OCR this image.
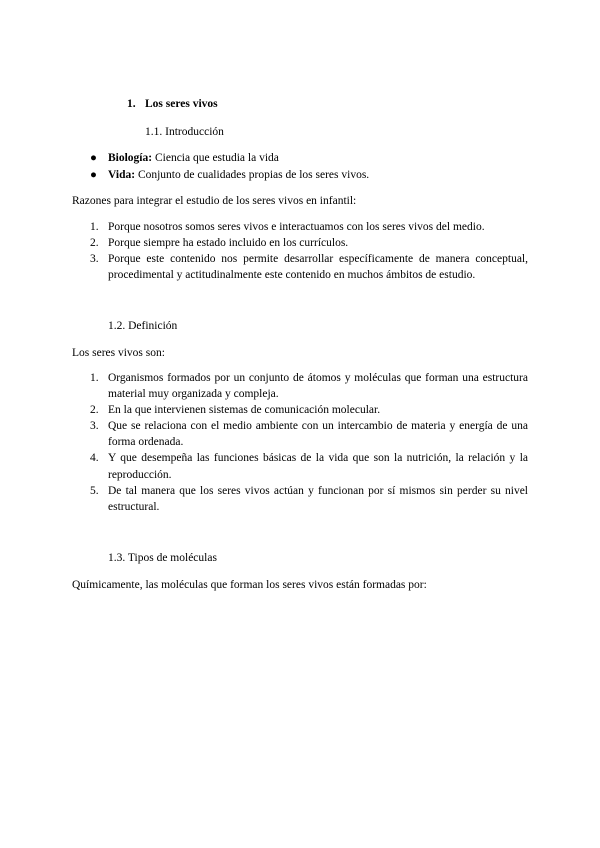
1. Los seres vivos
1.1. Introducción
● Biología: Ciencia que estudia la vida
● Vida: Conjunto de cualidades propias de los seres vivos.

Razones para integrar el estudio de los seres vivos en infantil:

1. Porque nosotros somos seres vivos e interactuamos con los seres vivos del medio.
2. Porque siempre ha estado incluido en los currículos.
3. Porque este contenido nos permite desarrollar específicamente de manera conceptual, procedimental y actitudinalmente este contenido en muchos ámbitos de estudio.
1.2. Definición

Los seres vivos son:

1. Organismos formados por un conjunto de átomos y moléculas que forman una estructura material muy organizada y compleja.
2. En la que intervienen sistemas de comunicación molecular.
3. Que se relaciona con el medio ambiente con un intercambio de materia y energía de una forma ordenada.
4. Y que desempeña las funciones básicas de la vida que son la nutrición, la relación y la reproducción.
5. De tal manera que los seres vivos actúan y funcionan por sí mismos sin perder su nivel estructural.
1.3. Tipos de moléculas

Químicamente, las moléculas que forman los seres vivos están formadas por:
